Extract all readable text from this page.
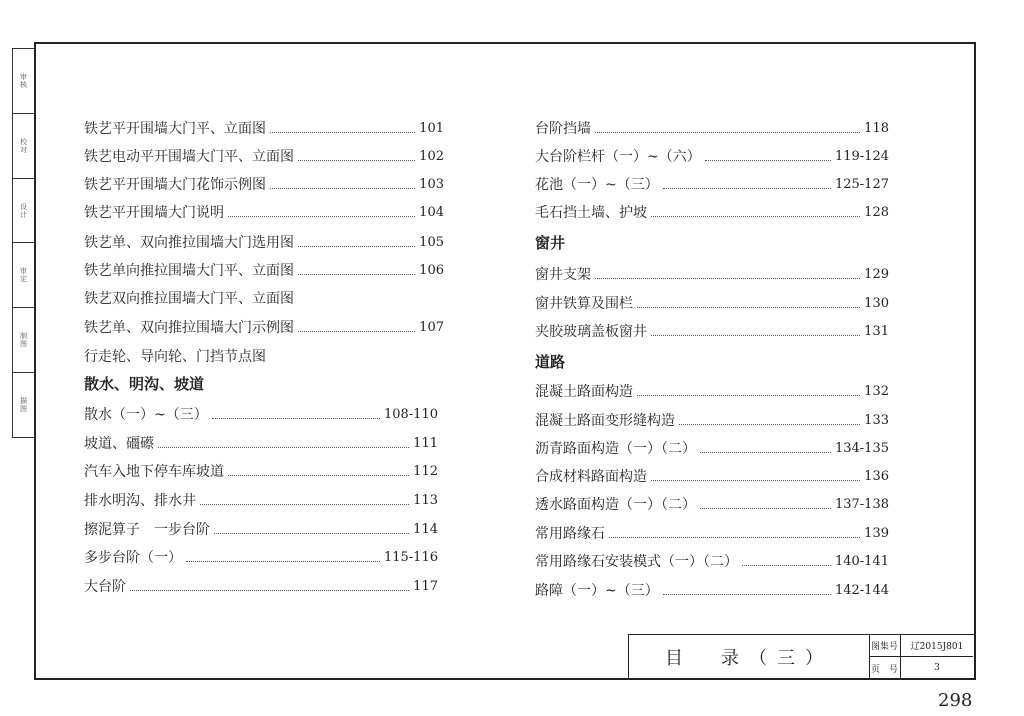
审核
校对
设计
审定
制图
描图
铁艺平开围墙大门平、立面图	101
铁艺电动平开围墙大门平、立面图	102
铁艺平开围墙大门花饰示例图	103
铁艺平开围墙大门说明	104
铁艺单、双向推拉围墙大门选用图	105
铁艺单向推拉围墙大门平、立面图	106
铁艺双向推拉围墙大门平、立面图
铁艺单、双向推拉围墙大门示例图	107
行走轮、导向轮、门挡节点图
散水、明沟、坡道
散水（一）~（三）	108-110
坡道、礓礤	111
汽车入地下停车库坡道	112
排水明沟、排水井	113
擦泥算子　一步台阶	114
多步台阶（一）	115-116
大台阶	117
台阶挡墙	118
大台阶栏杆（一）~（六）	119-124
花池（一）~（三）	125-127
毛石挡土墙、护坡	128
窗井
窗井支架	129
窗井铁算及围栏	130
夹胶玻璃盖板窗井	131
道路
混凝土路面构造	132
混凝土路面变形缝构造	133
沥青路面构造（一）（二）	134-135
合成材料路面构造	136
透水路面构造（一）（二）	137-138
常用路缘石	139
常用路缘石安装模式（一）（二）	140-141
路障（一）~（三）	142-144
目　录（三）
图集号	辽2015J801
页　号	3
298
